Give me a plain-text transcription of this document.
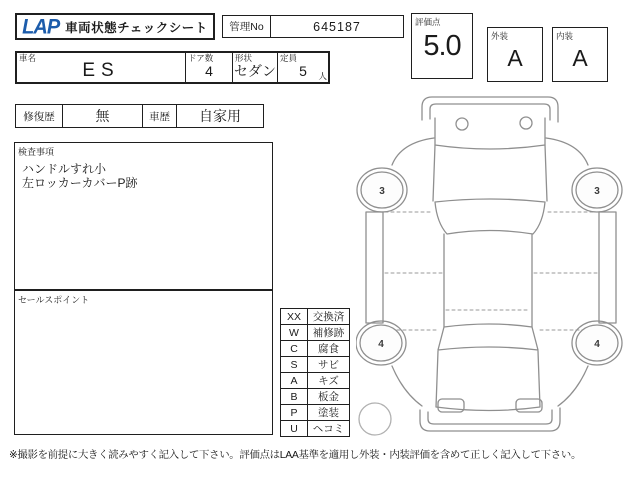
LAP 車両状態チェックシート	管理No	645187	評価点
5.0	外装
A
内装
A
車名
ES
ドア数
4
形状
セダン
定員
5	人
修復歴	無	車歴	自家用
検査事項
ハンドルすれ小
左ロッカーカバーP跡
セールスポイント
XX	交換済
W	補修跡
C	腐食
S	サビ
A	キズ
B	板金
P	塗装
U	ヘコミ
3	3
4	4
※撮影を前提に大きく読みやすく記入して下さい。評価点はLAA基準を適用し外装・内装評価を含めて正しく記入して下さい。
